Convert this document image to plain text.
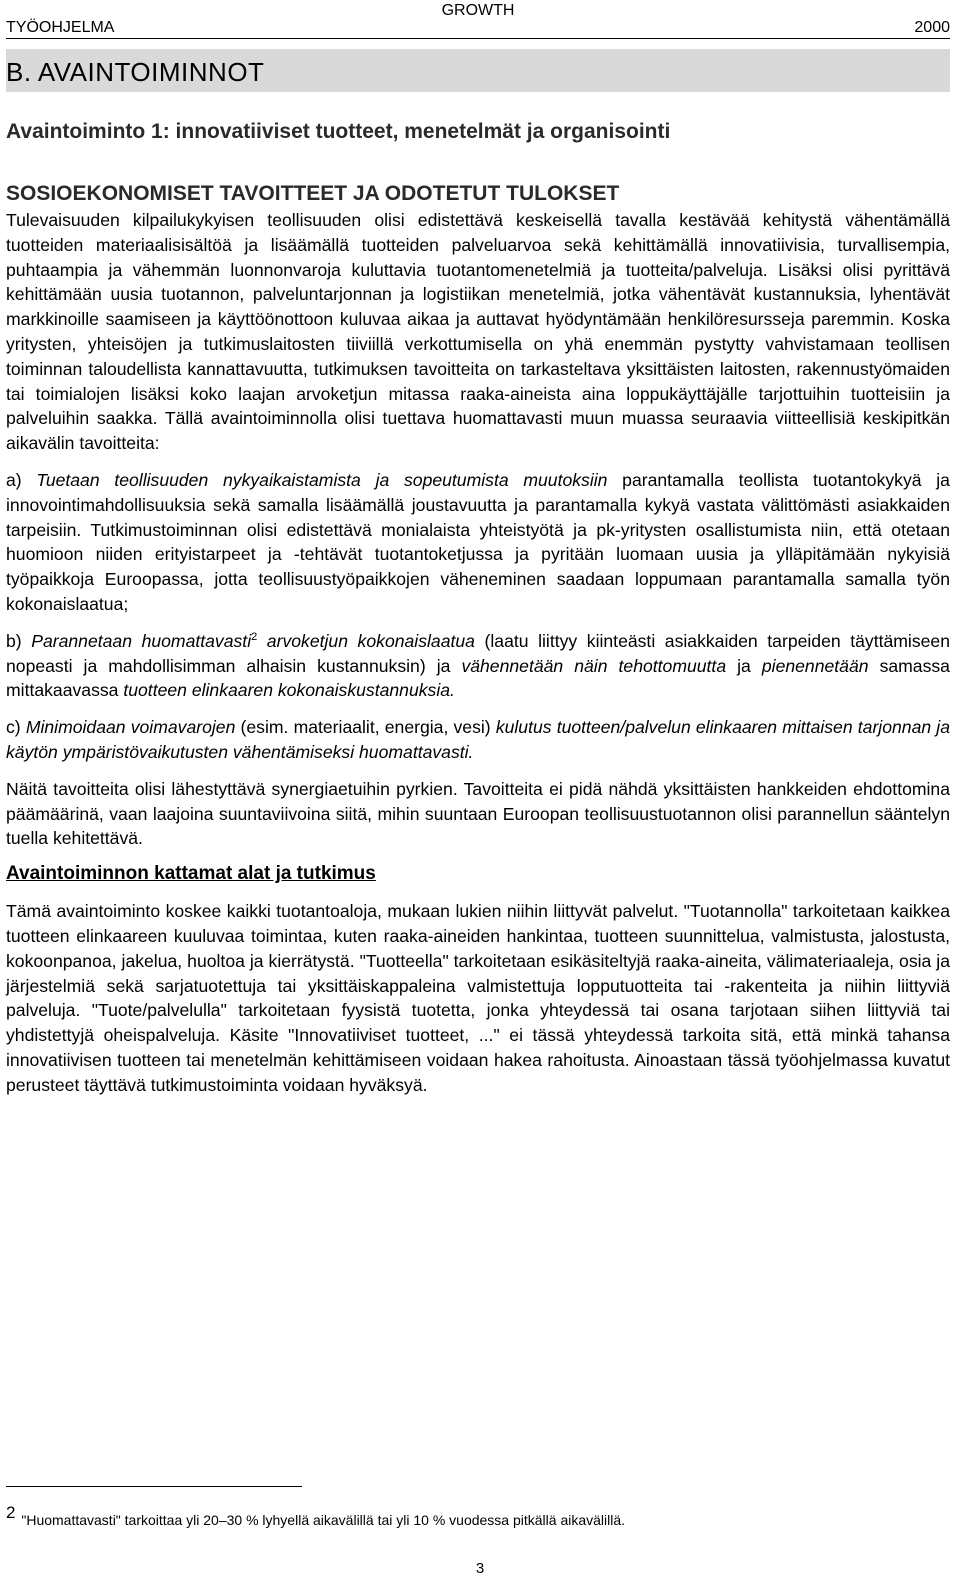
TYÖOHJELMA
GROWTH
2000
B. AVAINTOIMINNOT
Avaintoiminto 1: innovatiiviset tuotteet, menetelmät ja organisointi
SOSIOEKONOMISET TAVOITTEET JA ODOTETUT TULOKSET

Tulevaisuuden kilpailukykyisen teollisuuden olisi edistettävä keskeisellä tavalla kestävää kehitystä vähentämällä tuotteiden materiaalisisältöä ja lisäämällä tuotteiden palveluarvoa sekä kehittämällä innovatiivisia, turvallisempia, puhtaampia ja vähemmän luonnonvaroja kuluttavia tuotantomenetelmiä ja tuotteita/palveluja. Lisäksi olisi pyrittävä kehittämään uusia tuotannon, palveluntarjonnan ja logistiikan menetelmiä, jotka vähentävät kustannuksia, lyhentävät markkinoille saamiseen ja käyttöönottoon kuluvaa aikaa ja auttavat hyödyntämään henkilöresursseja paremmin. Koska yritysten, yhteisöjen ja tutkimuslaitosten tiiviillä verkottumisella on yhä enemmän pystytty vahvistamaan teollisen toiminnan taloudellista kannattavuutta, tutkimuksen tavoitteita on tarkasteltava yksittäisten laitosten, rakennustyömaiden tai toimialojen lisäksi koko laajan arvoketjun mitassa raaka-aineista aina loppukäyttäjälle tarjottuihin tuotteisiin ja palveluihin saakka. Tällä avaintoiminnolla olisi tuettava huomattavasti muun muassa seuraavia viitteellisiä keskipitkän aikavälin tavoitteita:

a) Tuetaan teollisuuden nykyaikaistamista ja sopeutumista muutoksiin parantamalla teollista tuotantokykyä ja innovointimahdollisuuksia sekä samalla lisäämällä joustavuutta ja parantamalla kykyä vastata välittömästi asiakkaiden tarpeisiin. Tutkimustoiminnan olisi edistettävä monialaista yhteistyötä ja pk-yritysten osallistumista niin, että otetaan huomioon niiden erityistarpeet ja -tehtävät tuotantoketjussa ja pyritään luomaan uusia ja ylläpitämään nykyisiä työpaikkoja Euroopassa, jotta teollisuustyöpaikkojen väheneminen saadaan loppumaan parantamalla samalla työn kokonaislaatua;

b) Parannetaan huomattavasti$^2$ arvoketjun kokonaislaatua (laatu liittyy kiinteästi asiakkaiden tarpeiden täyttämiseen nopeasti ja mahdollisimman alhaisin kustannuksin) ja vähennetään näin tehottomuutta ja pienennetään samassa mittakaavassa tuotteen elinkaaren kokonaiskustannuksia.

c) Minimoidaan voimavarojen (esim. materiaalit, energia, vesi) kulutus tuotteen/palvelun elinkaaren mittaisen tarjonnan ja käytön ympäristövaikutusten vähentämiseksi huomattavasti.

Näitä tavoitteita olisi lähestyttävä synergiaetuihin pyrkien. Tavoitteita ei pidä nähdä yksittäisten hankkeiden ehdottomina päämäärinä, vaan laajoina suuntaviivoina siitä, mihin suuntaan Euroopan teollisuustuotannon olisi parannellun sääntelyn tuella kehitettävä.

Avaintoiminnon kattamat alat ja tutkimus

Tämä avaintoiminto koskee kaikki tuotantoaloja, mukaan lukien niihin liittyvät palvelut. "Tuotannolla" tarkoitetaan kaikkea tuotteen elinkaareen kuuluvaa toimintaa, kuten raaka-aineiden hankintaa, tuotteen suunnittelua, valmistusta, jalostusta, kokoonpanoa, jakelua, huoltoa ja kierrätystä. "Tuotteella" tarkoitetaan esikäsiteltyjä raaka-aineita, välimateriaaleja, osia ja järjestelmiä sekä sarjatuotettuja tai yksittäiskappaleina valmistettuja lopputuotteita tai -rakenteita ja niihin liittyviä palveluja. "Tuote/palvelulla" tarkoitetaan fyysistä tuotetta, jonka yhteydessä tai osana tarjotaan siihen liittyviä tai yhdistettyjä oheispalveluja. Käsite "Innovatiiviset tuotteet, ..." ei tässä yhteydessä tarkoita sitä, että minkä tahansa innovatiivisen tuotteen tai menetelmän kehittämiseen voidaan hakea rahoitusta. Ainoastaan tässä työohjelmassa kuvatut perusteet täyttävä tutkimustoiminta voidaan hyväksyä.

2 "Huomattavasti" tarkoittaa yli 20–30 % lyhyellä aikavälillä tai yli 10 % vuodessa pitkällä aikavälillä.
3
